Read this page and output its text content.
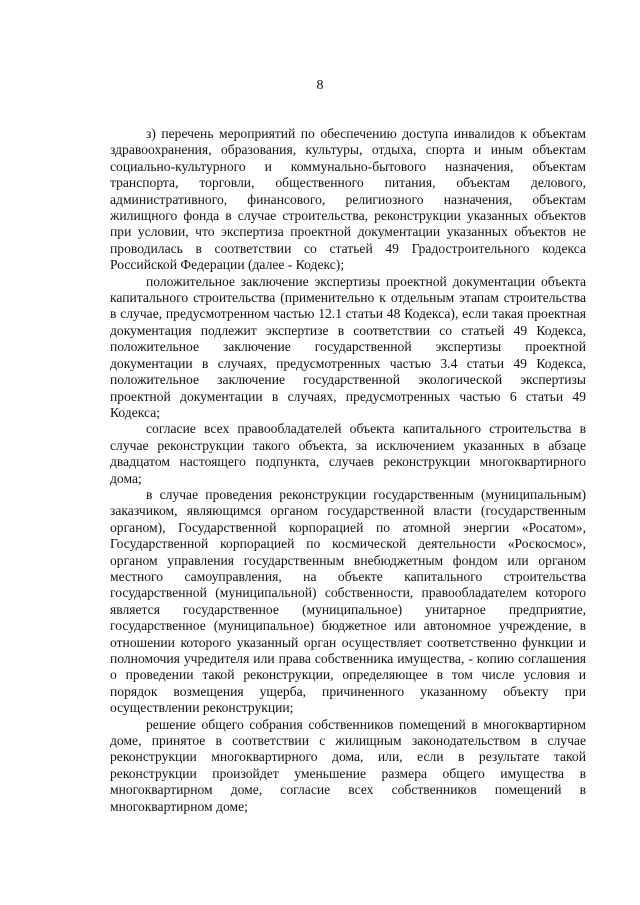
8

з) перечень мероприятий по обеспечению доступа инвалидов к объектам здравоохранения, образования, культуры, отдыха, спорта и иным объектам социально-культурного и коммунально-бытового назначения, объектам транспорта, торговли, общественного питания, объектам делового, административного, финансового, религиозного назначения, объектам жилищного фонда в случае строительства, реконструкции указанных объектов при условии, что экспертиза проектной документации указанных объектов не проводилась в соответствии со статьей 49 Градостроительного кодекса Российской Федерации (далее - Кодекс);

положительное заключение экспертизы проектной документации объекта капитального строительства (применительно к отдельным этапам строительства в случае, предусмотренном частью 12.1 статьи 48 Кодекса), если такая проектная документация подлежит экспертизе в соответствии со статьей 49 Кодекса, положительное заключение государственной экспертизы проектной документации в случаях, предусмотренных частью 3.4 статьи 49 Кодекса, положительное заключение государственной экологической экспертизы проектной документации в случаях, предусмотренных частью 6 статьи 49 Кодекса;

согласие всех правообладателей объекта капитального строительства в случае реконструкции такого объекта, за исключением указанных в абзаце двадцатом настоящего подпункта, случаев реконструкции многоквартирного дома;

в случае проведения реконструкции государственным (муниципальным) заказчиком, являющимся органом государственной власти (государственным органом), Государственной корпорацией по атомной энергии «Росатом», Государственной корпорацией по космической деятельности «Роскосмос», органом управления государственным внебюджетным фондом или органом местного самоуправления, на объекте капитального строительства государственной (муниципальной) собственности, правообладателем которого является государственное (муниципальное) унитарное предприятие, государственное (муниципальное) бюджетное или автономное учреждение, в отношении которого указанный орган осуществляет соответственно функции и полномочия учредителя или права собственника имущества, - копию соглашения о проведении такой реконструкции, определяющее в том числе условия и порядок возмещения ущерба, причиненного указанному объекту при осуществлении реконструкции;

решение общего собрания собственников помещений в многоквартирном доме, принятое в соответствии с жилищным законодательством в случае реконструкции многоквартирного дома, или, если в результате такой реконструкции произойдет уменьшение размера общего имущества в многоквартирном доме, согласие всех собственников помещений в многоквартирном доме;
